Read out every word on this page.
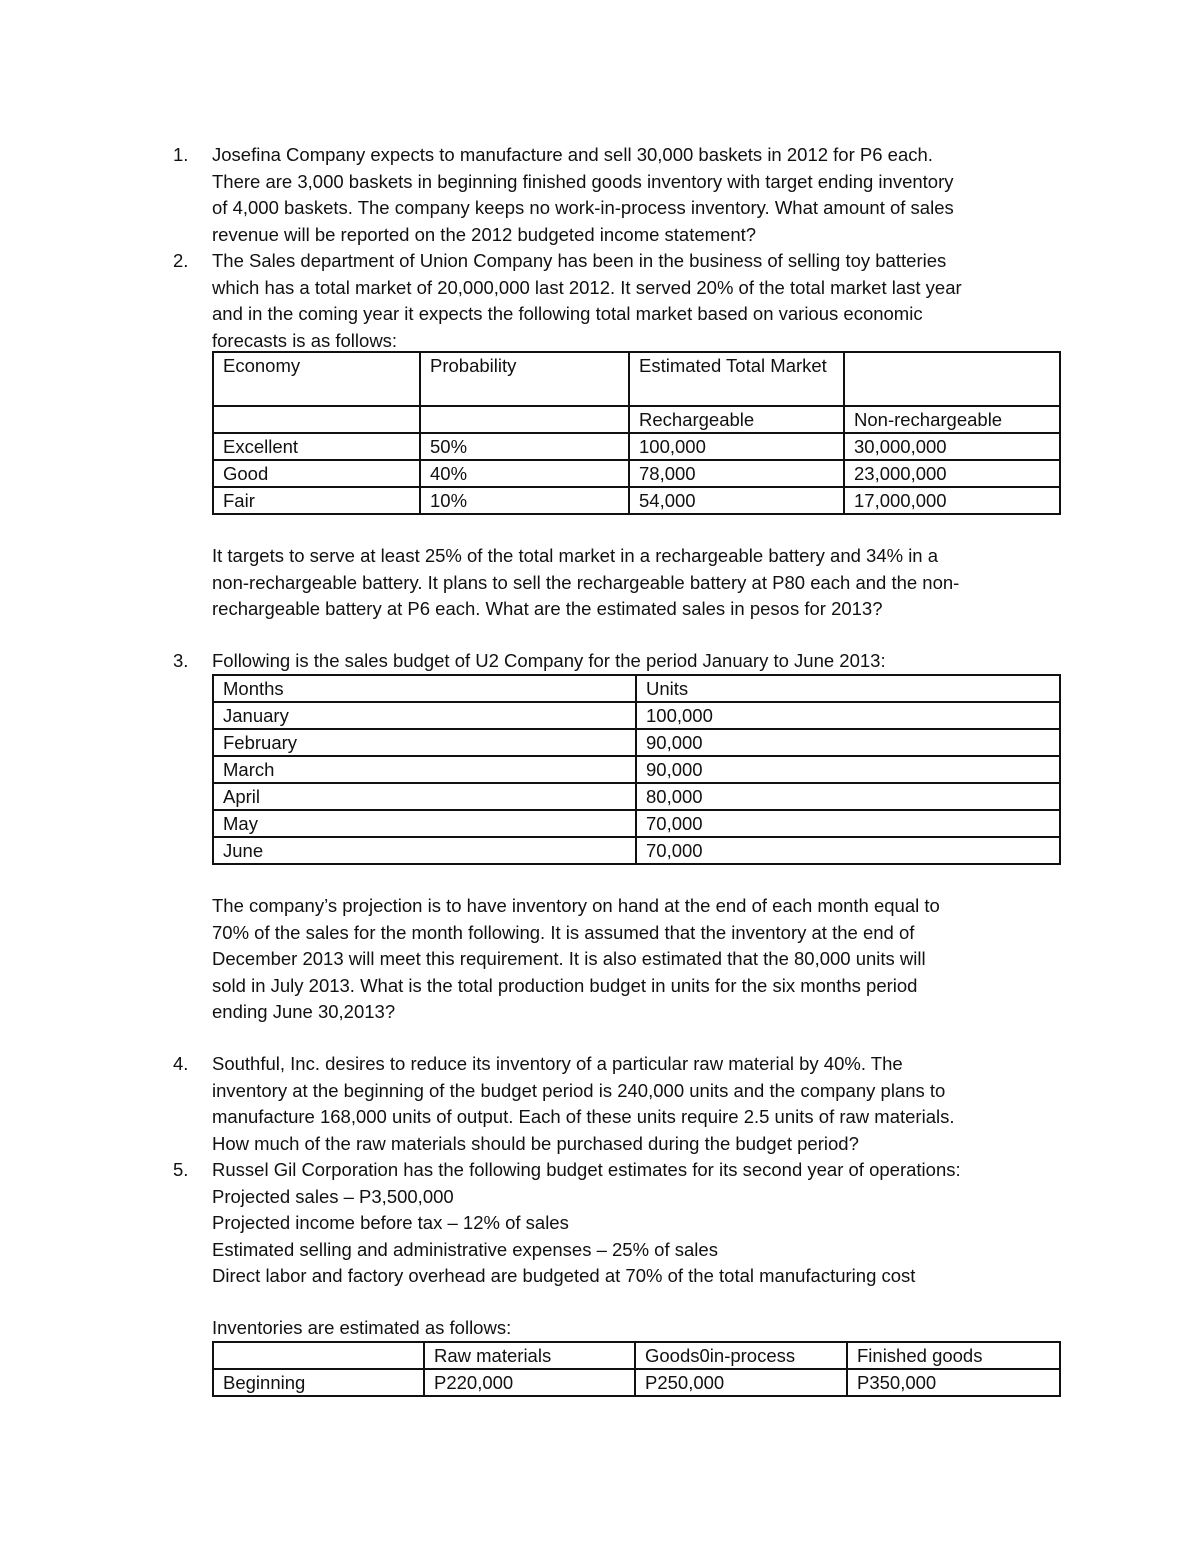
1. Josefina Company expects to manufacture and sell 30,000 baskets in 2012 for P6 each.
There are 3,000 baskets in beginning finished goods inventory with target ending inventory
of 4,000 baskets. The company keeps no work-in-process inventory. What amount of sales
revenue will be reported on the 2012 budgeted income statement?
2. The Sales department of Union Company has been in the business of selling toy batteries
which has a total market of 20,000,000 last 2012. It served 20% of the total market last year
and in the coming year it expects the following total market based on various economic
forecasts is as follows:
Economy	Probability	Estimated Total Market	
		Rechargeable	Non-rechargeable
Excellent	50%	100,000	30,000,000
Good	40%	78,000	23,000,000
Fair	10%	54,000	17,000,000
It targets to serve at least 25% of the total market in a rechargeable battery and 34% in a
non-rechargeable battery. It plans to sell the rechargeable battery at P80 each and the non-
rechargeable battery at P6 each. What are the estimated sales in pesos for 2013?
3. Following is the sales budget of U2 Company for the period January to June 2013:
Months	Units
January	100,000
February	90,000
March	90,000
April	80,000
May	70,000
June	70,000
The company’s projection is to have inventory on hand at the end of each month equal to
70% of the sales for the month following. It is assumed that the inventory at the end of
December 2013 will meet this requirement. It is also estimated that the 80,000 units will
sold in July 2013. What is the total production budget in units for the six months period
ending June 30,2013?
4. Southful, Inc. desires to reduce its inventory of a particular raw material by 40%. The
inventory at the beginning of the budget period is 240,000 units and the company plans to
manufacture 168,000 units of output. Each of these units require 2.5 units of raw materials.
How much of the raw materials should be purchased during the budget period?
5. Russel Gil Corporation has the following budget estimates for its second year of operations:
Projected sales – P3,500,000
Projected income before tax – 12% of sales
Estimated selling and administrative expenses – 25% of sales
Direct labor and factory overhead are budgeted at 70% of the total manufacturing cost
Inventories are estimated as follows:
	Raw materials	Goods0in-process	Finished goods
Beginning	P220,000	P250,000	P350,000
